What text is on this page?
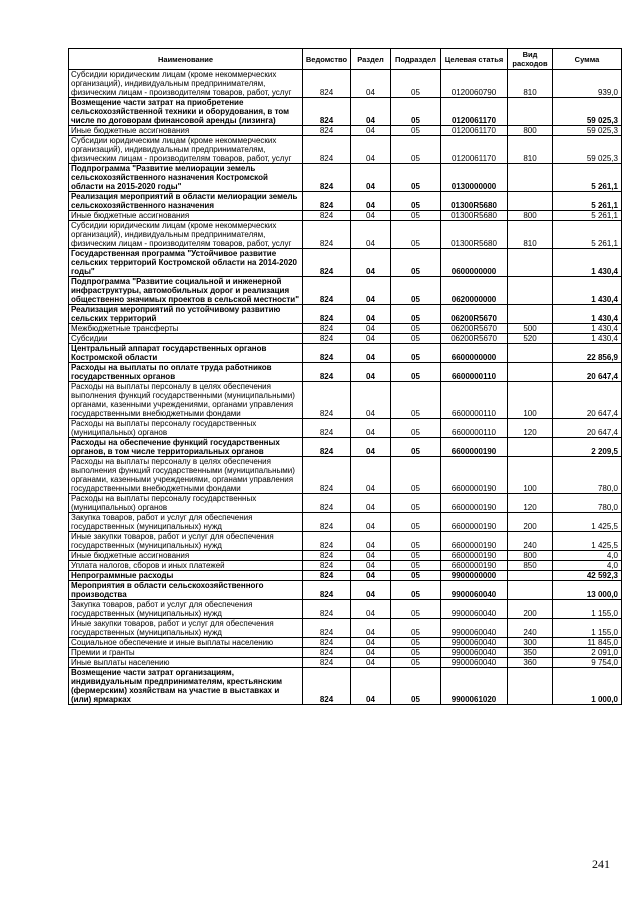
Наименование	Ведомство	Раздел	Подраздел	Целевая статья	Вид расходов	Сумма
Субсидии юридическим лицам (кроме некоммерческих организаций), индивидуальным предпринимателям, физическим лицам - производителям товаров, работ, услуг	824	04	05	0120060790	810	939,0
Возмещение части затрат на приобретение сельскохозяйственной техники и оборудования, в том числе по договорам финансовой аренды (лизинга)	824	04	05	0120061170		59 025,3
Иные бюджетные ассигнования	824	04	05	0120061170	800	59 025,3
Субсидии юридическим лицам (кроме некоммерческих организаций), индивидуальным предпринимателям, физическим лицам - производителям товаров, работ, услуг	824	04	05	0120061170	810	59 025,3
Подпрограмма "Развитие мелиорации земель сельскохозяйственного назначения Костромской области на 2015-2020 годы"	824	04	05	0130000000		5 261,1
Реализация мероприятий в области мелиорации земель сельскохозяйственного назначения	824	04	05	01300R5680		5 261,1
Иные бюджетные ассигнования	824	04	05	01300R5680	800	5 261,1
Субсидии юридическим лицам (кроме некоммерческих организаций), индивидуальным предпринимателям, физическим лицам - производителям товаров, работ, услуг	824	04	05	01300R5680	810	5 261,1
Государственная программа "Устойчивое развитие сельских территорий Костромской области на 2014-2020 годы"	824	04	05	0600000000		1 430,4
Подпрограмма "Развитие социальной и инженерной инфраструктуры, автомобильных дорог и реализация общественно значимых проектов в сельской местности"	824	04	05	0620000000		1 430,4
Реализация мероприятий по устойчивому развитию сельских территорий	824	04	05	06200R5670		1 430,4
Межбюджетные трансферты	824	04	05	06200R5670	500	1 430,4
Субсидии	824	04	05	06200R5670	520	1 430,4
Центральный аппарат государственных органов Костромской области	824	04	05	6600000000		22 856,9
Расходы на выплаты по оплате труда работников государственных органов	824	04	05	6600000110		20 647,4
Расходы на выплаты персоналу в целях обеспечения выполнения функций государственными (муниципальными) органами, казенными учреждениями, органами управления государственными внебюджетными фондами	824	04	05	6600000110	100	20 647,4
Расходы на выплаты персоналу государственных (муниципальных) органов	824	04	05	6600000110	120	20 647,4
Расходы на обеспечение функций государственных органов, в том числе территориальных органов	824	04	05	6600000190		2 209,5
Расходы на выплаты персоналу в целях обеспечения выполнения функций государственными (муниципальными) органами, казенными учреждениями, органами управления государственными внебюджетными фондами	824	04	05	6600000190	100	780,0
Расходы на выплаты персоналу государственных (муниципальных) органов	824	04	05	6600000190	120	780,0
Закупка товаров, работ и услуг для обеспечения государственных (муниципальных) нужд	824	04	05	6600000190	200	1 425,5
Иные закупки товаров, работ и услуг для обеспечения государственных (муниципальных) нужд	824	04	05	6600000190	240	1 425,5
Иные бюджетные ассигнования	824	04	05	6600000190	800	4,0
Уплата налогов, сборов и иных платежей	824	04	05	6600000190	850	4,0
Непрограммные расходы	824	04	05	9900000000		42 592,3
Мероприятия в области сельскохозяйственного производства	824	04	05	9900060040		13 000,0
Закупка товаров, работ и услуг для обеспечения государственных (муниципальных) нужд	824	04	05	9900060040	200	1 155,0
Иные закупки товаров, работ и услуг для обеспечения государственных (муниципальных) нужд	824	04	05	9900060040	240	1 155,0
Социальное обеспечение и иные выплаты населению	824	04	05	9900060040	300	11 845,0
Премии и гранты	824	04	05	9900060040	350	2 091,0
Иные выплаты населению	824	04	05	9900060040	360	9 754,0
Возмещение части затрат организациям, индивидуальным предпринимателям, крестьянским (фермерским) хозяйствам на участие в выставках и (или) ярмарках	824	04	05	9900061020		1 000,0
241
